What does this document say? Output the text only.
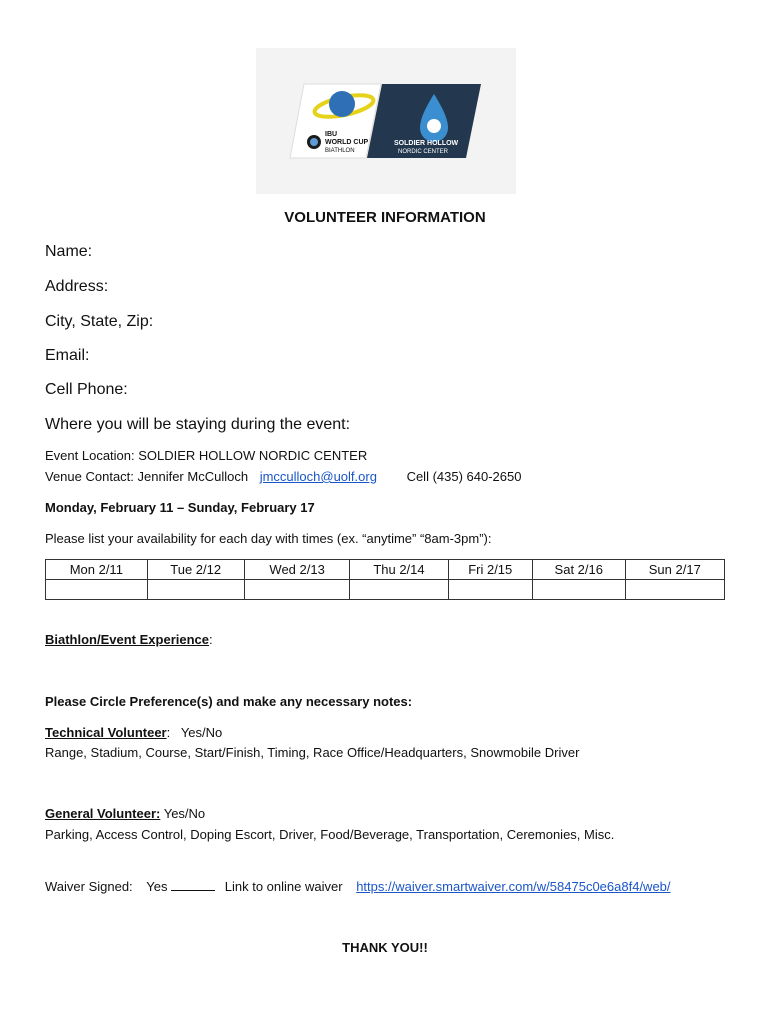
IBU
WORLD CUP
BIATHLON
SOLDIER HOLLOW
NORDIC CENTER
VOLUNTEER INFORMATION
Name:
Address:
City, State, Zip:
Email:
Cell Phone:
Where you will be staying during the event:
Event Location: SOLDIER HOLLOW NORDIC CENTER
Venue Contact: Jennifer McCulloch jmcculloch@uolf.org Cell (435) 640-2650
Monday, February 11 – Sunday, February 17
Please list your availability for each day with times (ex. “anytime” “8am-3pm”):
Mon 2/11	Tue 2/12	Wed 2/13	Thu 2/14	Fri 2/15	Sat 2/16	Sun 2/17

Biathlon/Event Experience:
Please Circle Preference(s) and make any necessary notes:
Technical Volunteer:   Yes/No
Range, Stadium, Course, Start/Finish, Timing, Race Office/Headquarters, Snowmobile Driver
General Volunteer: Yes/No
Parking, Access Control, Doping Escort, Driver, Food/Beverage, Transportation, Ceremonies, Misc.
Waiver Signed: Yes	Link to online waiver https://waiver.smartwaiver.com/w/58475c0e6a8f4/web/
THANK YOU!!
